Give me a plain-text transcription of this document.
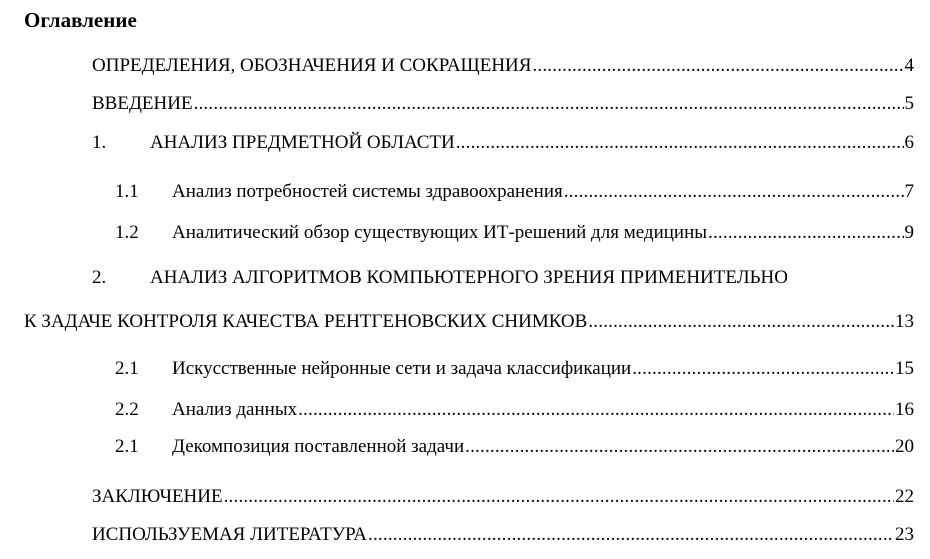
Оглавление
ОПРЕДЕЛЕНИЯ, ОБОЗНАЧЕНИЯ И СОКРАЩЕНИЯ .....	4
ВВЕДЕНИЕ .....	5
1.	АНАЛИЗ ПРЕДМЕТНОЙ ОБЛАСТИ .....	6
1.1	Анализ потребностей системы здравоохранения .....	7
1.2	Аналитический обзор существующих ИТ-решений для медицины .....	9
2.	АНАЛИЗ АЛГОРИТМОВ КОМПЬЮТЕРНОГО ЗРЕНИЯ ПРИМЕНИТЕЛЬНО
К ЗАДАЧЕ КОНТРОЛЯ КАЧЕСТВА РЕНТГЕНОВСКИХ СНИМКОВ .....	13
2.1	Искусственные нейронные сети и задача классификации .....	15
2.2	Анализ данных .....	16
2.1	Декомпозиция поставленной задачи .....	20
ЗАКЛЮЧЕНИЕ .....	22
ИСПОЛЬЗУЕМАЯ ЛИТЕРАТУРА .....	23
